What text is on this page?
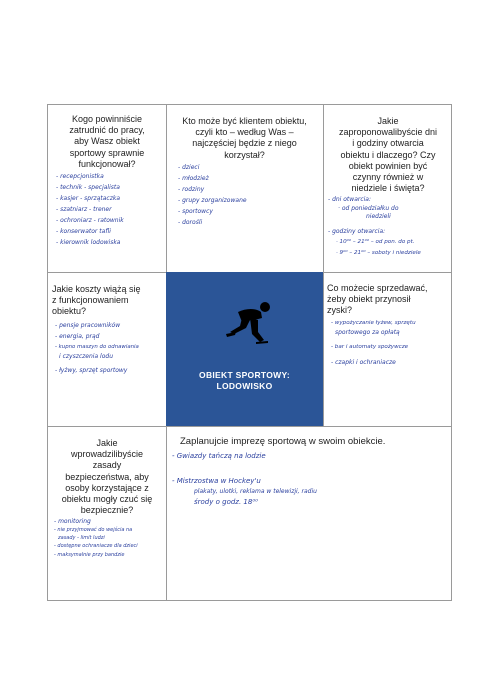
Kogo powinniście
zatrudnić do pracy,
aby Wasz obiekt
sportowy sprawnie
funkcjonował?
- recepcjonistka
- technik - specjalista
- kasjer - sprzątaczka
- szatniarz - trener
- ochroniarz - ratownik
- konserwator tafli
- kierownik lodowiska
Kto może być klientem obiektu,
czyli kto – według Was –
najczęściej będzie z niego
korzystał?
- dzieci
- młodzież
- rodziny
- grupy zorganizowane
- sportowcy
- dorośli
Jakie
zaproponowalibyście dni
i godziny otwarcia
obiektu i dlaczego? Czy
obiekt powinien być
czynny również w
niedziele i święta?
- dni otwarcia:
· od poniedziałku do
niedzieli
- godziny otwarcia:
· 10⁰⁰ – 21⁰⁰ – od pon. do pt.
· 9⁰⁰ – 21⁰⁰ – soboty i niedziele
Jakie koszty wiążą się
z funkcjonowaniem
obiektu?
- pensje pracowników
- energia, prąd
- kupno maszyn do odnawiania
i czyszczenia lodu
- łyżwy, sprzęt sportowy	OBIEKT SPORTOWY:
LODOWISKO
Co możecie sprzedawać,
żeby obiekt przynosił
zyski?
- wypożyczanie łyżew, sprzętu
sportowego za opłatą
- bar i automaty spożywcze
- czapki i ochraniacze
Jakie
wprowadzilibyście
zasady
bezpieczeństwa, aby
osoby korzystające z
obiektu mogły czuć się
bezpiecznie?
- monitoring
- nie przyjmować do wejścia na
zasady - limit ludzi
- dostępne ochraniacze dla dzieci
- maksymalnie przy bandzie
Zaplanujcie imprezę sportową w swoim obiekcie.
- Gwiazdy tańczą na lodzie
- Mistrzostwa w Hockey'u
plakaty, ulotki, reklama w telewizji, radiu
środy o godz. 18⁰⁰
